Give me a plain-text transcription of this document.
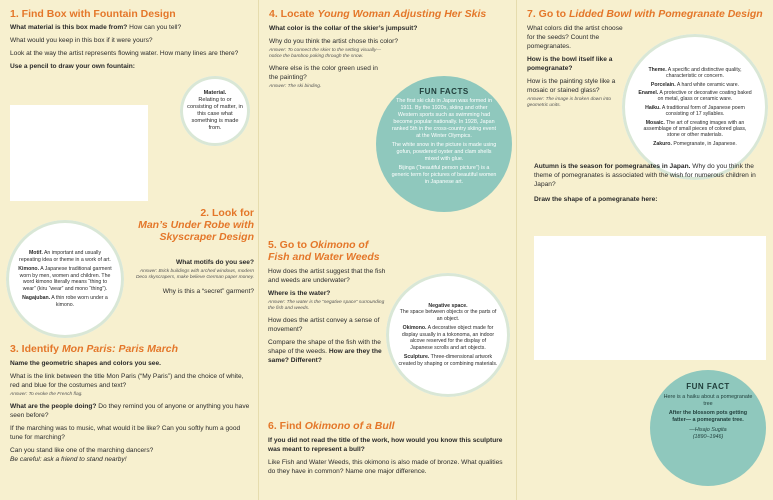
1. Find Box with Fountain Design

What material is this box made from? How can you tell?

What would you keep in this box if it were yours?

Look at the way the artist represents flowing water. How many lines are there?

Use a pencil to draw your own fountain:

Material.
Relating to or consisting of matter, in this case what something is made from.

2. Look for
Man’s Under Robe with Skyscraper Design

What motifs do you see?

Answer: Brick buildings with arched windows, modern Deco skyscrapers, make believe German paper money.

Why is this a “secret” garment?

Motif. An important and usually repeating idea or theme in a work of art.
Kimono. A Japanese traditional garment worn by men, women and children. The word kimono literally means “thing to wear” (kiru “wear” and mono “thing”).
Nagajuban. A thin robe worn under a kimono.

3. Identify Mon Paris: Paris March

Name the geometric shapes and colors you see.

What is the link between the title Mon Paris (“My Paris”) and the choice of white, red and blue for the costumes and text?

Answer: To evoke the French flag.

What are the people doing? Do they remind you of anyone or anything you have seen before?

If the marching was to music, what would it be like? Can you softly hum a good tune for marching?

Can you stand like one of the marching dancers?

Be careful: ask a friend to stand nearby!

4. Locate Young Woman Adjusting Her Skis

What color is the collar of the skier’s jumpsuit?

Why do you think the artist chose this color?

Answer: To connect the skier to the setting visually—notice the bamboo poking through the snow.

Where else is the color green used in the painting?

Answer: The ski binding.

FUN FACTS
The first ski club in Japan was formed in 1911. By the 1920s, skiing and other Western sports such as swimming had become popular nationally. In 1928, Japan ranked 5th in the cross-country skiing event at the Winter Olympics.
The white snow in the picture is made using gofun, powdered oyster and clam shells mixed with glue.
Bijinga (“beautiful person picture”) is a generic term for pictures of beautiful women in Japanese art.

5. Go to Okimono of Fish and Water Weeds

How does the artist suggest that the fish and weeds are underwater?

Where is the water?

Answer: The water is the “negative space” surrounding the fish and weeds.

How does the artist convey a sense of movement?

Compare the shape of the fish with the shape of the weeds. How are they the same? Different?

Negative space.
The space between objects or the parts of an object.
Okimono. A decorative object made for display usually in a tokonoma, an indoor alcove reserved for the display of Japanese scrolls and art objects.
Sculpture. Three-dimensional artwork created by shaping or combining materials.

6. Find Okimono of a Bull

If you did not read the title of the work, how would you know this sculpture was meant to represent a bull?

Like Fish and Water Weeds, this okimono is also made of bronze. What qualities do they have in common? Name one major difference.

7. Go to Lidded Bowl with Pomegranate Design

What colors did the artist choose for the seeds? Count the pomegranates.

How is the bowl itself like a pomegranate?

How is the painting style like a mosaic or stained glass?

Answer: The image is broken down into geometric units.

Theme. A specific and distinctive quality, characteristic or concern.
Porcelain. A hard white ceramic ware.
Enamel. A protective or decorative coating baked on metal, glass or ceramic ware.
Haiku. A traditional form of Japanese poem consisting of 17 syllables.
Mosaic. The art of creating images with an assemblage of small pieces of colored glass, stone or other materials.
Zakuro. Pomegranate, in Japanese.

Autumn is the season for pomegranates in Japan. Why do you think the theme of pomegranates is associated with the wish for numerous children in Japan?

Draw the shape of a pomegranate here:

FUN FACT
Here is a haiku about a pomegranate tree
After the blossom pots getting fatter— a pomegranate tree.
—Hisajo Sugita
(1890–1946)
